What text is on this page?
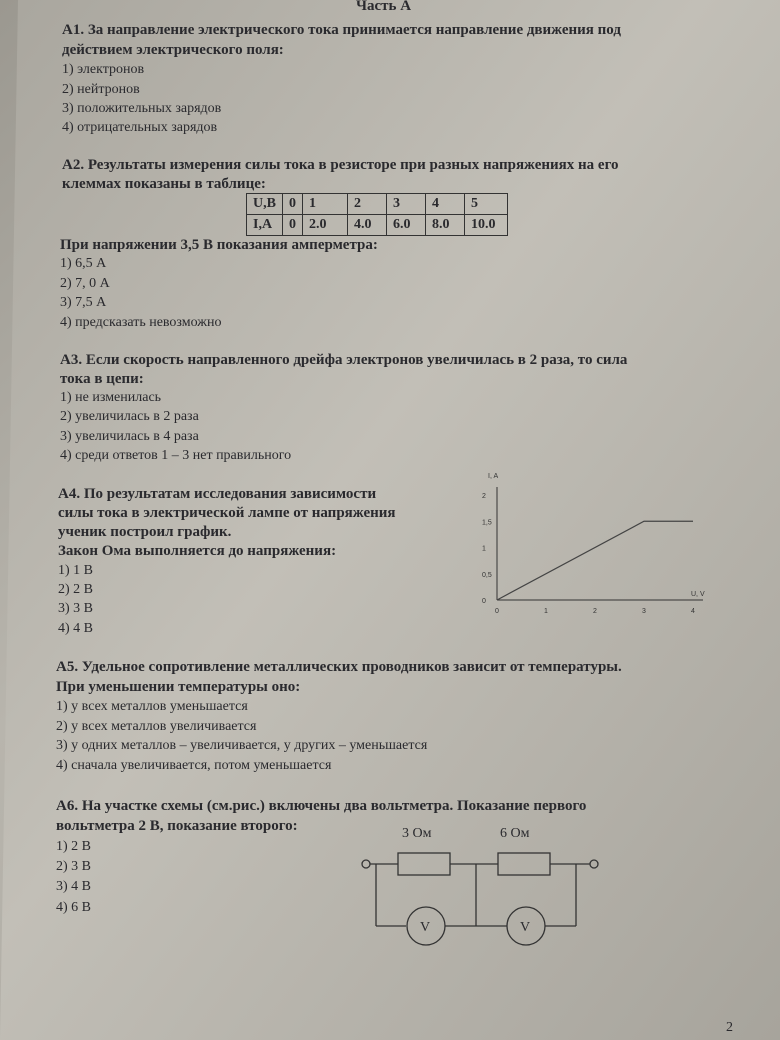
Часть А
А1. За направление электрического тока принимается направление движения под
действием электрического поля:
1) электронов
2) нейтронов
3) положительных зарядов
4) отрицательных зарядов
А2. Результаты измерения силы тока в резисторе при разных напряжениях на его
клеммах показаны в таблице:
U,B	0	1	2	3	4	5
I,A	0	2.0	4.0	6.0	8.0	10.0
При напряжении 3,5 В показания амперметра:
1) 6,5 А
2) 7, 0 А
3) 7,5 А
4) предсказать невозможно
А3. Если скорость направленного дрейфа электронов увеличилась в 2 раза, то сила
тока в цепи:
1) не изменилась
2) увеличилась в 2 раза
3) увеличилась в 4 раза
4) среди ответов 1 – 3 нет правильного
А4. По результатам исследования зависимости
силы тока в электрической лампе от напряжения
ученик построил график.
Закон Ома выполняется до напряжения:
1) 1 В
2) 2 В
3) 3 В
4) 4 В
I, A
U, V
0	1	2	3	4
0
0,5
1
1,5
2
А5. Удельное сопротивление металлических проводников зависит от температуры.
При уменьшении температуры оно:
1) у всех металлов уменьшается
2) у всех металлов увеличивается
3) у одних металлов – увеличивается, у других – уменьшается
4) сначала увеличивается, потом уменьшается
А6. На участке схемы (см.рис.) включены два вольтметра. Показание первого
вольтметра 2 В, показание второго:
1) 2 В
2) 3 В
3) 4 В
4) 6 В
3 Ом	6 Ом
V	V
2
